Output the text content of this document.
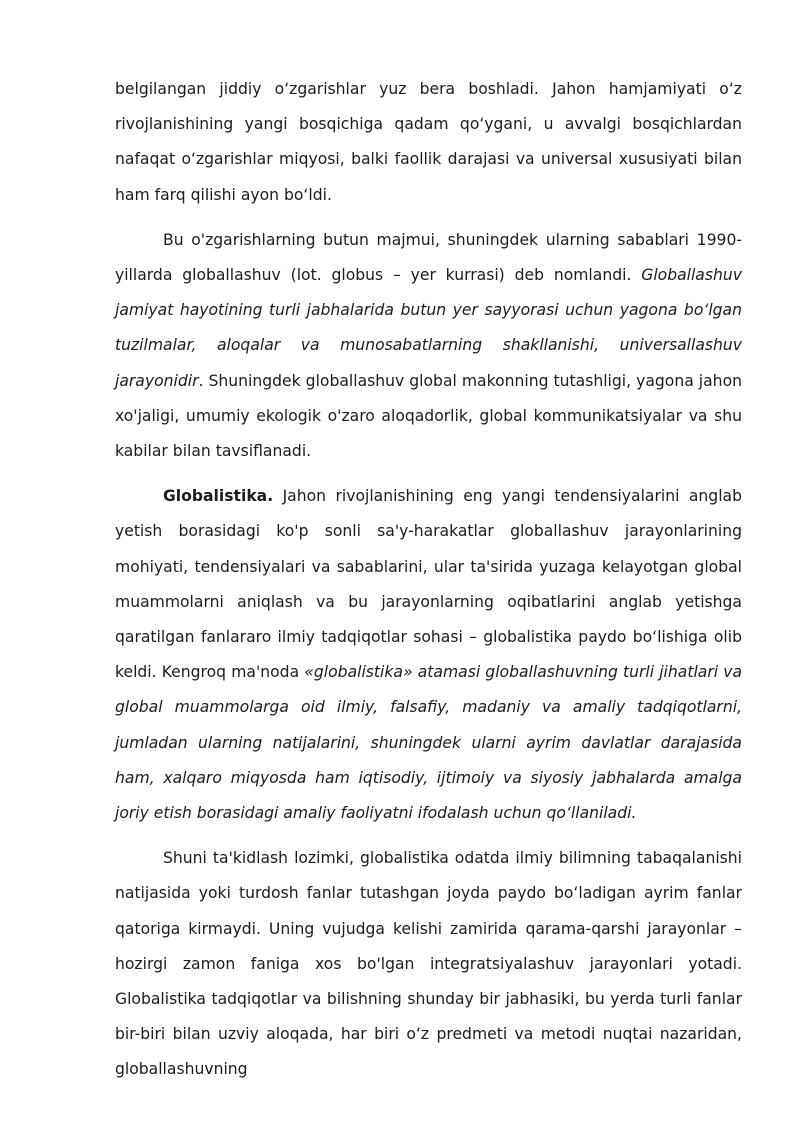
belgilangan jiddiy o‘zgarishlar yuz bera boshladi. Jahon hamjamiyati o‘z rivojlanishining yangi bosqichiga qadam qo‘ygani, u avvalgi bosqichlardan nafaqat o‘zgarishlar miqyosi, balki faollik darajasi va universal xususiyati bilan ham farq qilishi ayon bo‘ldi.

Bu o'zgarishlarning butun majmui, shuningdek ularning sabablari 1990-yillarda globallashuv (lot. globus – yer kurrasi) deb nomlandi. Globallashuv jamiyat hayotining turli jabhalarida butun yer sayyorasi uchun yagona bo‘lgan tuzilmalar, aloqalar va munosabatlarning shakllanishi, universallashuv jarayonidir. Shuningdek globallashuv global makonning tutashligi, yagona jahon xo'jaligi, umumiy ekologik o'zaro aloqadorlik, global kommunikatsiyalar va shu kabilar bilan tavsiflanadi.

Globalistika. Jahon rivojlanishining eng yangi tendensiyalarini anglab yetish borasidagi ko'p sonli sa'y-harakatlar globallashuv jarayonlarining mohiyati, tendensiyalari va sabablarini, ular ta'sirida yuzaga kelayotgan global muammolarni aniqlash va bu jarayonlarning oqibatlarini anglab yetishga qaratilgan fanlararo ilmiy tadqiqotlar sohasi – globalistika paydo bo‘lishiga olib keldi. Kengroq ma'noda «globalistika» atamasi globallashuvning turli jihatlari va global muammolarga oid ilmiy, falsafiy, madaniy va amaliy tadqiqotlarni, jumladan ularning natijalarini, shuningdek ularni ayrim davlatlar darajasida ham, xalqaro miqyosda ham iqtisodiy, ijtimoiy va siyosiy jabhalarda amalga joriy etish borasidagi amaliy faoliyatni ifodalash uchun qo‘llaniladi.

Shuni ta'kidlash lozimki, globalistika odatda ilmiy bilimning tabaqalanishi natijasida yoki turdosh fanlar tutashgan joyda paydo bo‘ladigan ayrim fanlar qatoriga kirmaydi. Uning vujudga kelishi zamirida qarama-qarshi jarayonlar – hozirgi zamon faniga xos bo'lgan integratsiyalashuv jarayonlari yotadi. Globalistika tadqiqotlar va bilishning shunday bir jabhasiki, bu yerda turli fanlar bir-biri bilan uzviy aloqada, har biri o‘z predmeti va metodi nuqtai nazaridan, globallashuvning
